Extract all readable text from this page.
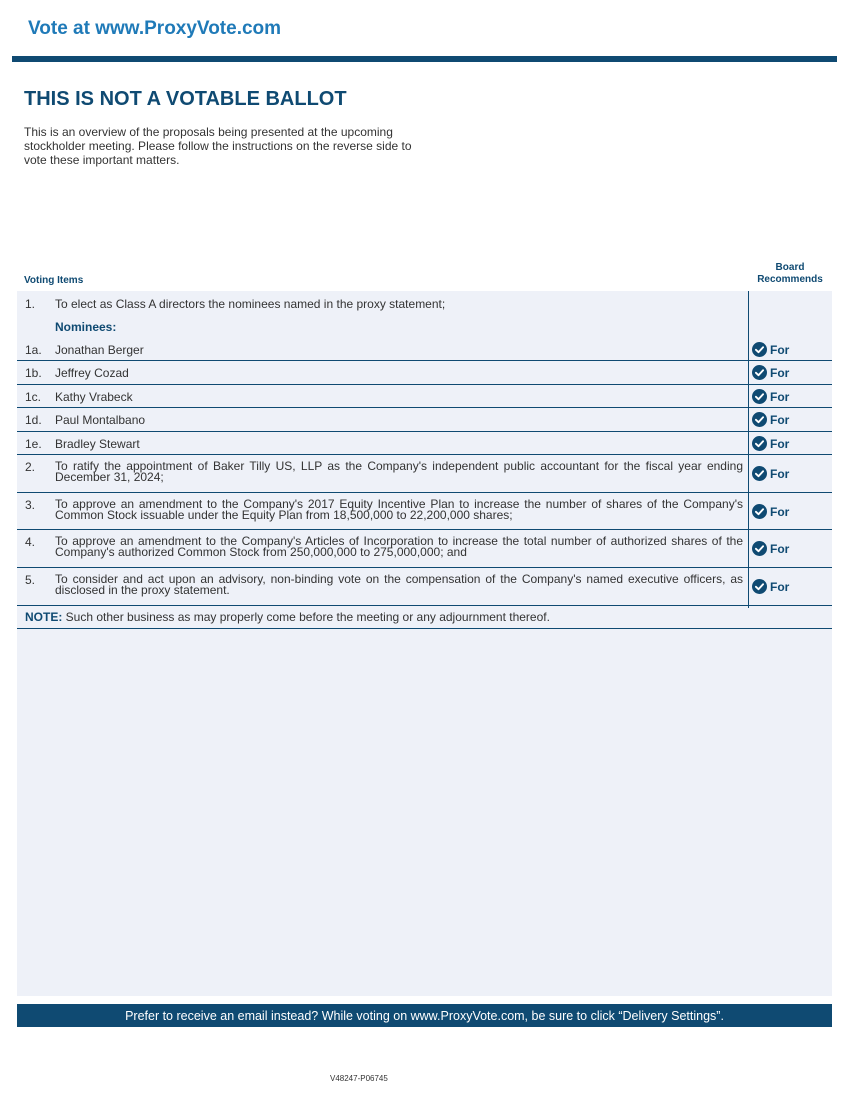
Vote at www.ProxyVote.com
THIS IS NOT A VOTABLE BALLOT

This is an overview of the proposals being presented at the upcoming stockholder meeting. Please follow the instructions on the reverse side to vote these important matters.

Voting Items
Board
Recommends
1. To elect as Class A directors the nominees named in the proxy statement;
Nominees:
1a. Jonathan Berger	For
1b. Jeffrey Cozad	For
1c. Kathy Vrabeck	For
1d. Paul Montalbano	For
1e. Bradley Stewart	For
2. To ratify the appointment of Baker Tilly US, LLP as the Company's independent public accountant for the fiscal year ending December 31, 2024;	For
3. To approve an amendment to the Company's 2017 Equity Incentive Plan to increase the number of shares of the Company's Common Stock issuable under the Equity Plan from 18,500,000 to 22,200,000 shares;	For
4. To approve an amendment to the Company's Articles of Incorporation to increase the total number of authorized shares of the Company's authorized Common Stock from 250,000,000 to 275,000,000; and	For
5. To consider and act upon an advisory, non-binding vote on the compensation of the Company's named executive officers, as disclosed in the proxy statement.	For
NOTE: Such other business as may properly come before the meeting or any adjournment thereof.
Prefer to receive an email instead? While voting on www.ProxyVote.com, be sure to click “Delivery Settings”.
V48247-P06745
